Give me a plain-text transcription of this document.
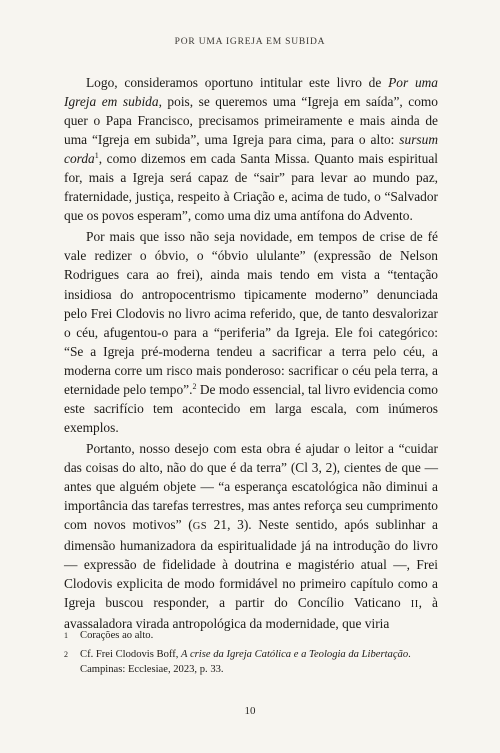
POR UMA IGREJA EM SUBIDA

Logo, consideramos oportuno intitular este livro de Por uma Igreja em subida, pois, se queremos uma “Igreja em saída”, como quer o Papa Francisco, precisamos primeiramente e mais ainda de uma “Igreja em subida”, uma Igreja para cima, para o alto: sursum corda$^1$, como dizemos em cada Santa Missa. Quanto mais espiritual for, mais a Igreja será capaz de “sair” para levar ao mundo paz, fraternidade, justiça, respeito à Criação e, acima de tudo, o “Salvador que os povos esperam”, como uma diz uma antífona do Advento.

Por mais que isso não seja novidade, em tempos de crise de fé vale redizer o óbvio, o “óbvio ululante” (expressão de Nelson Rodrigues cara ao frei), ainda mais tendo em vista a “tentação insidiosa do antropocentrismo tipicamente moderno” denunciada pelo Frei Clodovis no livro acima referido, que, de tanto desvalorizar o céu, afugentou-o para a “periferia” da Igreja. Ele foi categórico: “Se a Igreja pré-moderna tendeu a sacrificar a terra pelo céu, a moderna corre um risco mais ponderoso: sacrificar o céu pela terra, a eternidade pelo tempo”.$^2$ De modo essencial, tal livro evidencia como este sacrifício tem acontecido em larga escala, com inúmeros exemplos.

Portanto, nosso desejo com esta obra é ajudar o leitor a “cuidar das coisas do alto, não do que é da terra” (Cl 3, 2), cientes de que — antes que alguém objete — “a esperança escatológica não diminui a importância das tarefas terrestres, mas antes reforça seu cumprimento com novos motivos” (GS 21, 3). Neste sentido, após sublinhar a dimensão humanizadora da espiritualidade já na introdução do livro — expressão de fidelidade à doutrina e magistério atual —, Frei Clodovis explicita de modo formidável no primeiro capítulo como a Igreja buscou responder, a partir do Concílio Vaticano II, à avassaladora virada antropológica da modernidade, que viria

1 Corações ao alto.
2 Cf. Frei Clodovis Boff, A crise da Igreja Católica e a Teologia da Libertação. Campinas: Ecclesiae, 2023, p. 33.
10
